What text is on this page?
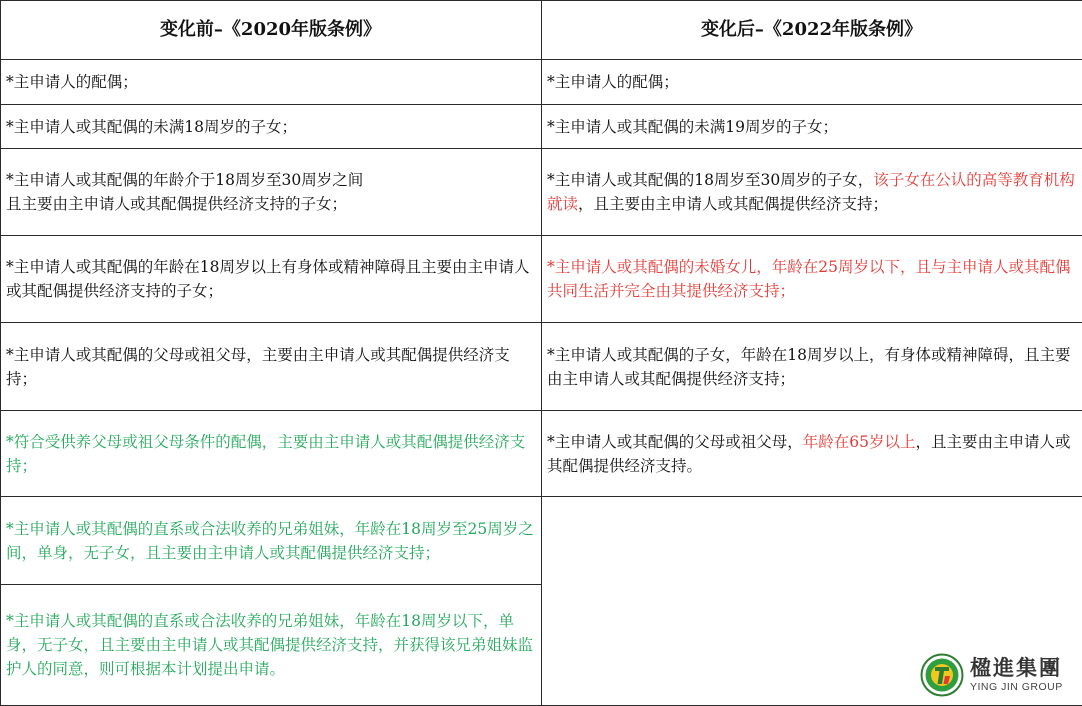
变化前–《2020年版条例》	变化后–《2022年版条例》
*主申请人的配偶；	*主申请人的配偶；
*主申请人或其配偶的未满18周岁的子女；	*主申请人或其配偶的未满19周岁的子女；
*主申请人或其配偶的年龄介于18周岁至30周岁之间
且主要由主申请人或其配偶提供经济支持的子女；	*主申请人或其配偶的18周岁至30周岁的子女，该子女在公认的高等教育机构就读，且主要由主申请人或其配偶提供经济支持；
*主申请人或其配偶的年龄在18周岁以上有身体或精神障碍且主要由主申请人或其配偶提供经济支持的子女；	*主申请人或其配偶的未婚女儿，年龄在25周岁以下，且与主申请人或其配偶共同生活并完全由其提供经济支持；
*主申请人或其配偶的父母或祖父母，主要由主申请人或其配偶提供经济支持；	*主申请人或其配偶的子女，年龄在18周岁以上，有身体或精神障碍，且主要由主申请人或其配偶提供经济支持；
*符合受供养父母或祖父母条件的配偶，主要由主申请人或其配偶提供经济支持；	*主申请人或其配偶的父母或祖父母，年龄在65岁以上，且主要由主申请人或其配偶提供经济支持。
*主申请人或其配偶的直系或合法收养的兄弟姐妹，年龄在18周岁至25周岁之间，单身，无子女，且主要由主申请人或其配偶提供经济支持；	
*主申请人或其配偶的直系或合法收养的兄弟姐妹，年龄在18周岁以下，单身，无子女，且主要由主申请人或其配偶提供经济支持，并获得该兄弟姐妹监护人的同意，则可根据本计划提出申请。		楹進集團
YING JIN GROUP
